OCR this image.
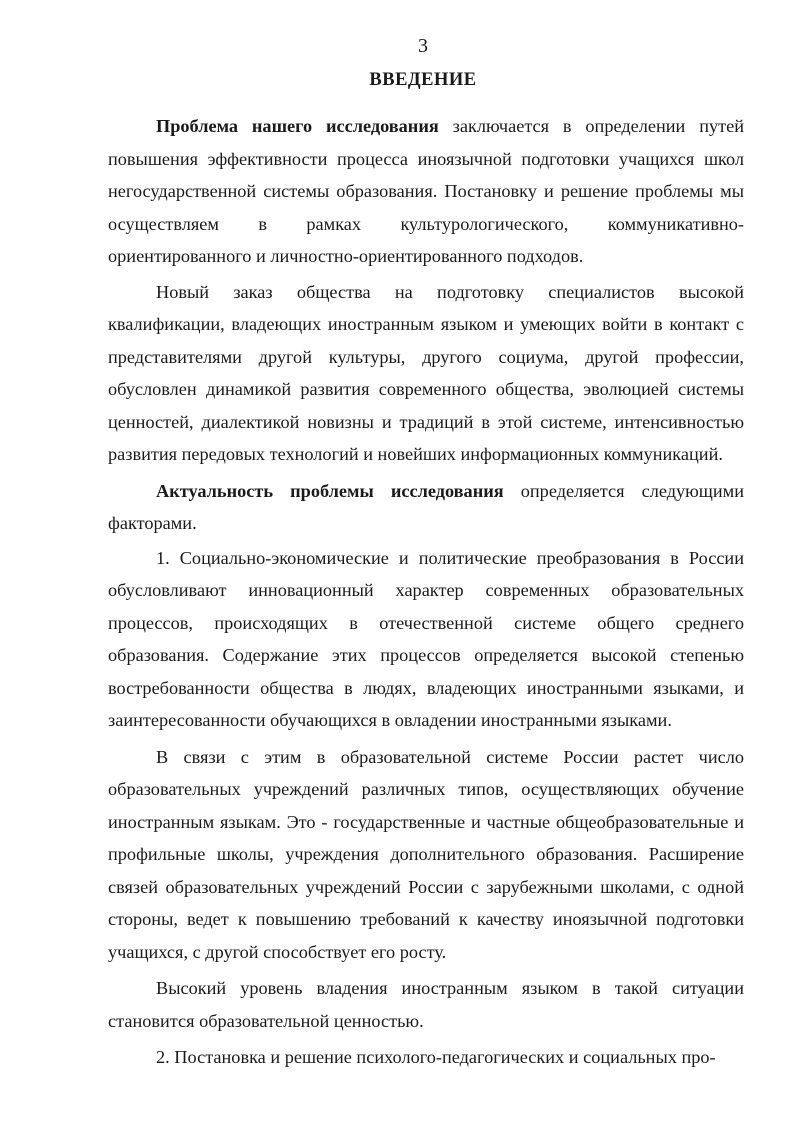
3
ВВЕДЕНИЕ

Проблема нашего исследования заключается в определении путей повышения эффективности процесса иноязычной подготовки учащихся школ негосударственной системы образования. Постановку и решение проблемы мы осуществляем в рамках культурологического, коммуникативно-ориентированного и личностно-ориентированного подходов.

Новый заказ общества на подготовку специалистов высокой квалификации, владеющих иностранным языком и умеющих войти в контакт с представителями другой культуры, другого социума, другой профессии, обусловлен динамикой развития современного общества, эволюцией системы ценностей, диалектикой новизны и традиций в этой системе, интенсивностью развития передовых технологий и новейших информационных коммуникаций.

Актуальность проблемы исследования определяется следующими факторами.

1. Социально-экономические и политические преобразования в России обусловливают инновационный характер современных образовательных процессов, происходящих в отечественной системе общего среднего образования. Содержание этих процессов определяется высокой степенью востребованности общества в людях, владеющих иностранными языками, и заинтересованности обучающихся в овладении иностранными языками.

В связи с этим в образовательной системе России растет число образовательных учреждений различных типов, осуществляющих обучение иностранным языкам. Это - государственные и частные общеобразовательные и профильные школы, учреждения дополнительного образования. Расширение связей образовательных учреждений России с зарубежными школами, с одной стороны, ведет к повышению требований к качеству иноязычной подготовки учащихся, с другой способствует его росту.

Высокий уровень владения иностранным языком в такой ситуации становится образовательной ценностью.

2. Постановка и решение психолого-педагогических и социальных про-
